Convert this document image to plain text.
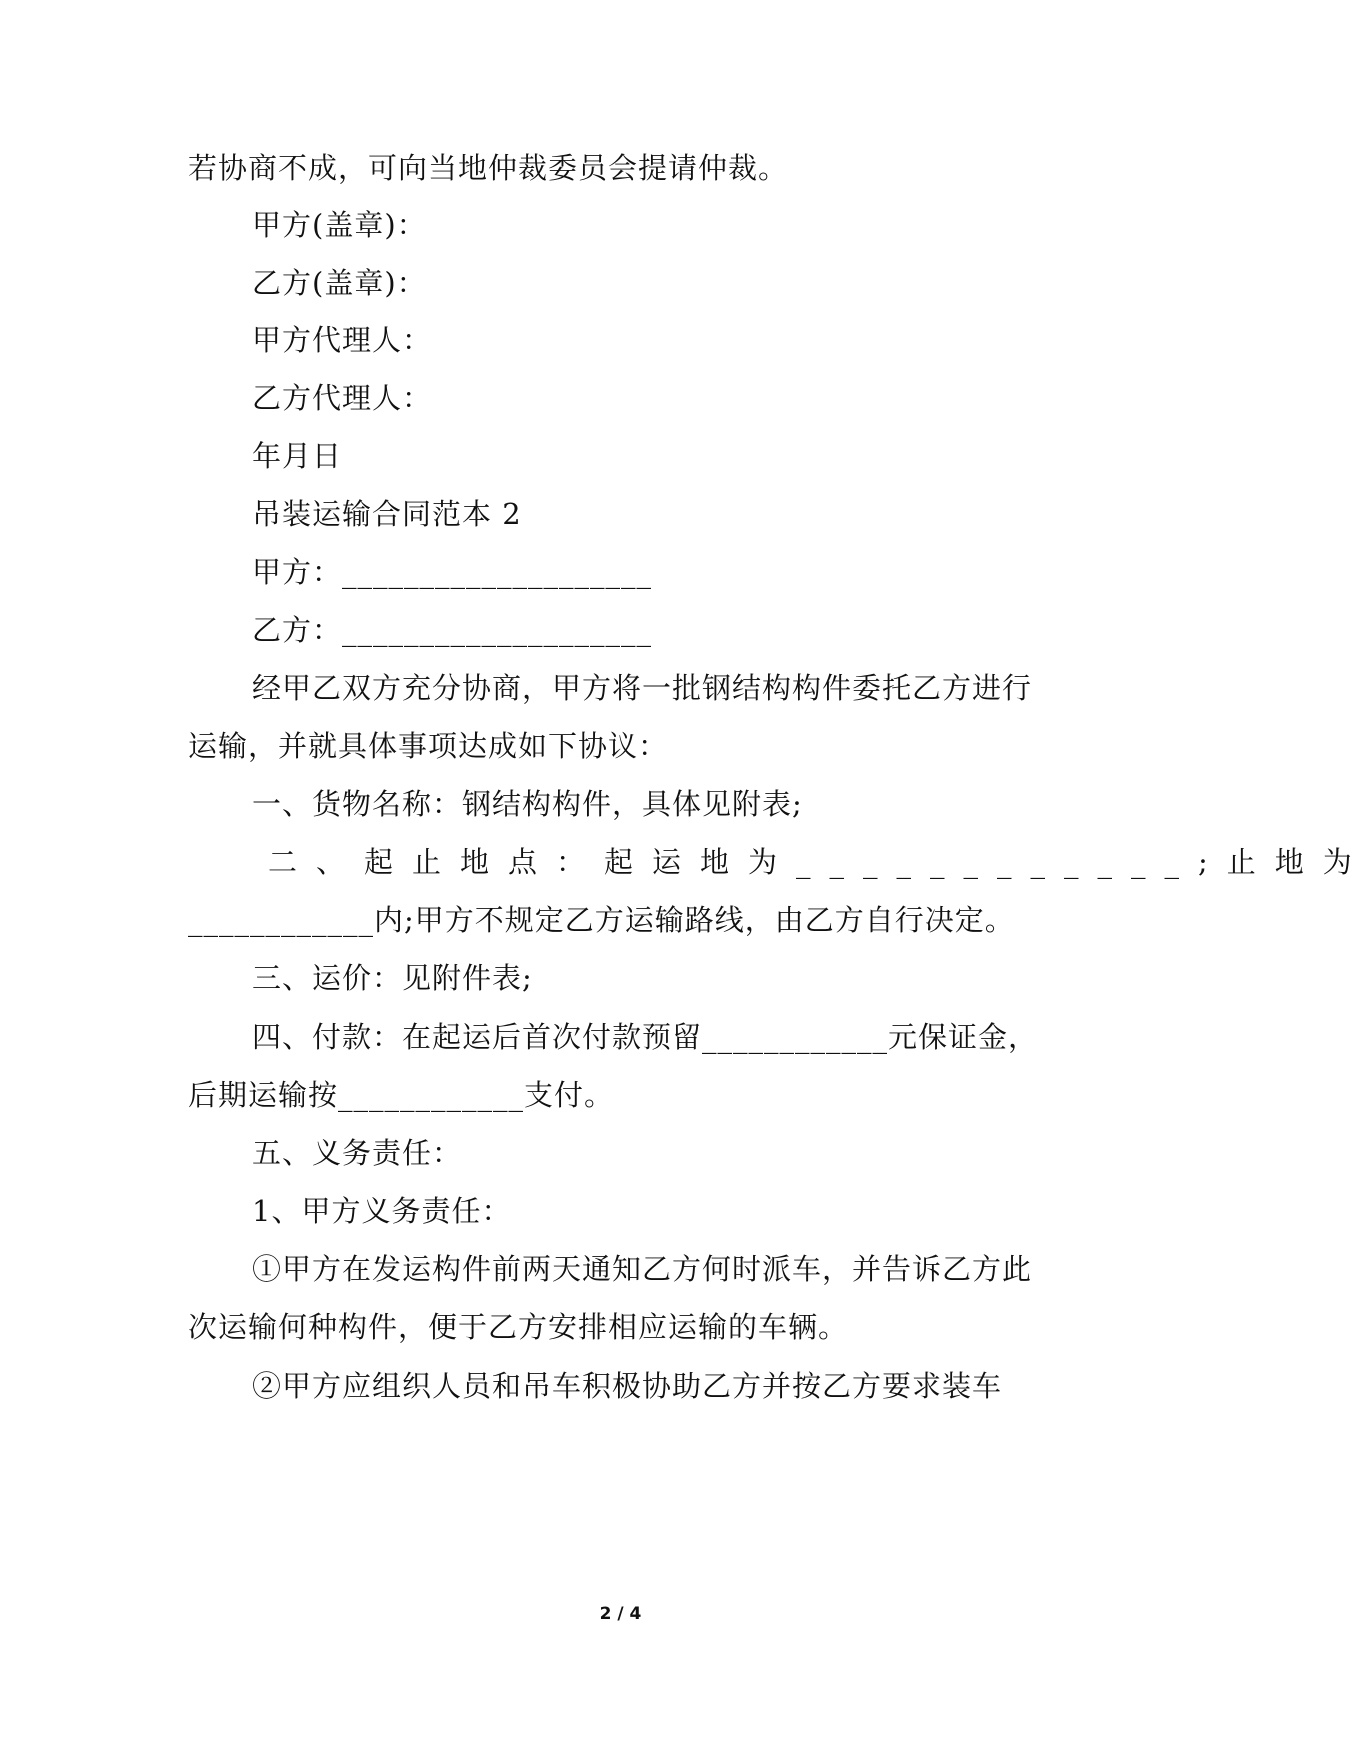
若协商不成，可向当地仲裁委员会提请仲裁。
甲方(盖章)：
乙方(盖章)：
甲方代理人：
乙方代理人：
年月日
吊装运输合同范本 2
甲方：____________________
乙方：____________________
经甲乙双方充分协商，甲方将一批钢结构构件委托乙方进行
运输，并就具体事项达成如下协议：
一、货物名称：钢结构构件，具体见附表;
二、起止地点：起运地为____________;止地为
____________内;甲方不规定乙方运输路线，由乙方自行决定。
三、运价：见附件表;
四、付款：在起运后首次付款预留____________元保证金，
后期运输按____________支付。
五、义务责任：
1、甲方义务责任：
①甲方在发运构件前两天通知乙方何时派车，并告诉乙方此
次运输何种构件，便于乙方安排相应运输的车辆。
②甲方应组织人员和吊车积极协助乙方并按乙方要求装车
2 / 4
